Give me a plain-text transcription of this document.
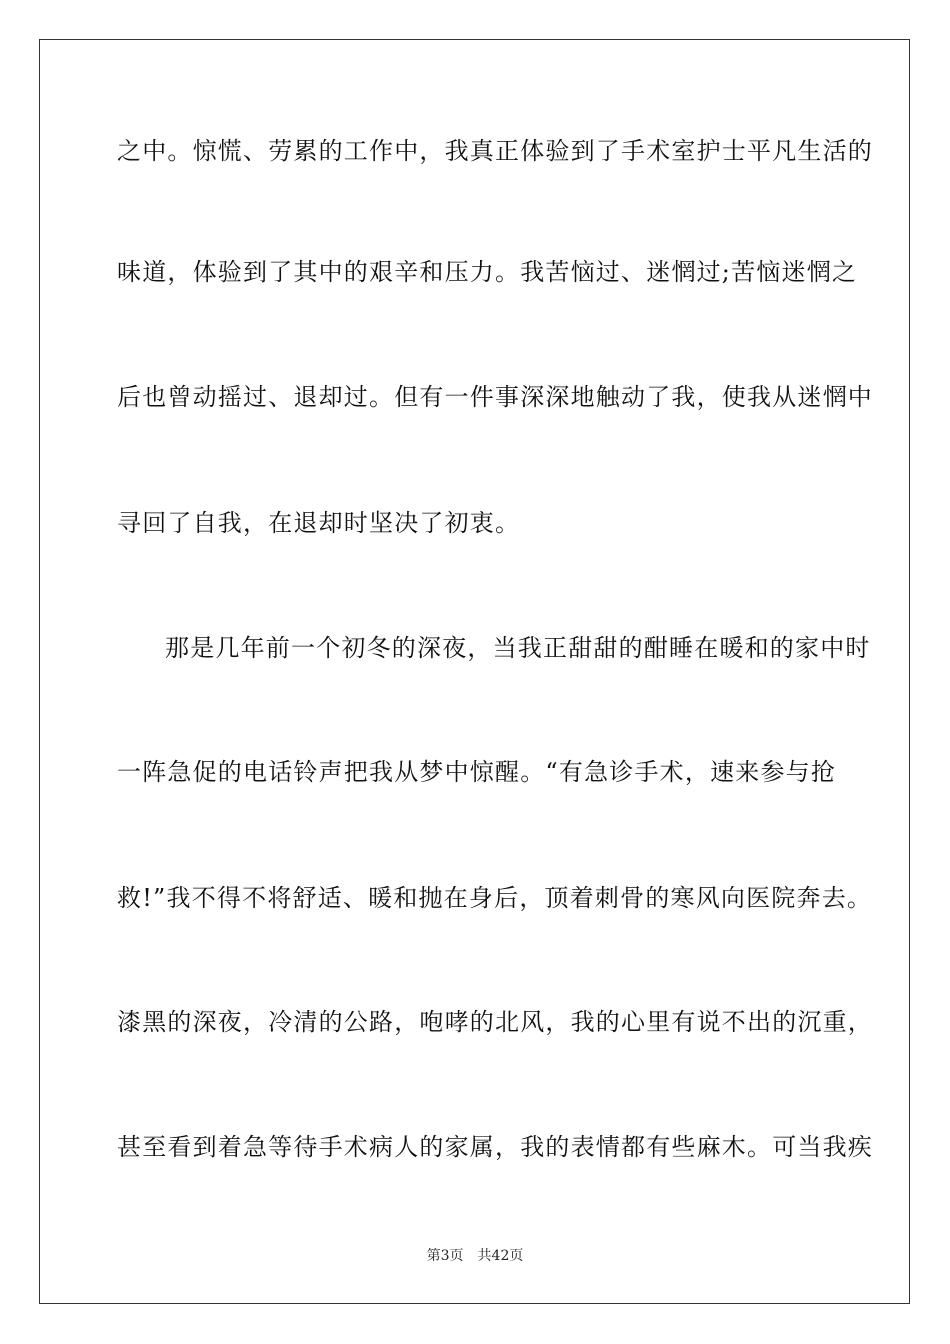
之中。惊慌、劳累的工作中，我真正体验到了手术室护士平凡生活的
味道，体验到了其中的艰辛和压力。我苦恼过、迷惘过;苦恼迷惘之
后也曾动摇过、退却过。但有一件事深深地触动了我，使我从迷惘中
寻回了自我，在退却时坚决了初衷。
那是几年前一个初冬的深夜，当我正甜甜的酣睡在暖和的家中时
一阵急促的电话铃声把我从梦中惊醒。“有急诊手术，速来参与抢
救!”我不得不将舒适、暖和抛在身后，顶着刺骨的寒风向医院奔去。
漆黑的深夜，冷清的公路，咆哮的北风，我的心里有说不出的沉重，
甚至看到着急等待手术病人的家属，我的表情都有些麻木。可当我疾
第3页 共42页
